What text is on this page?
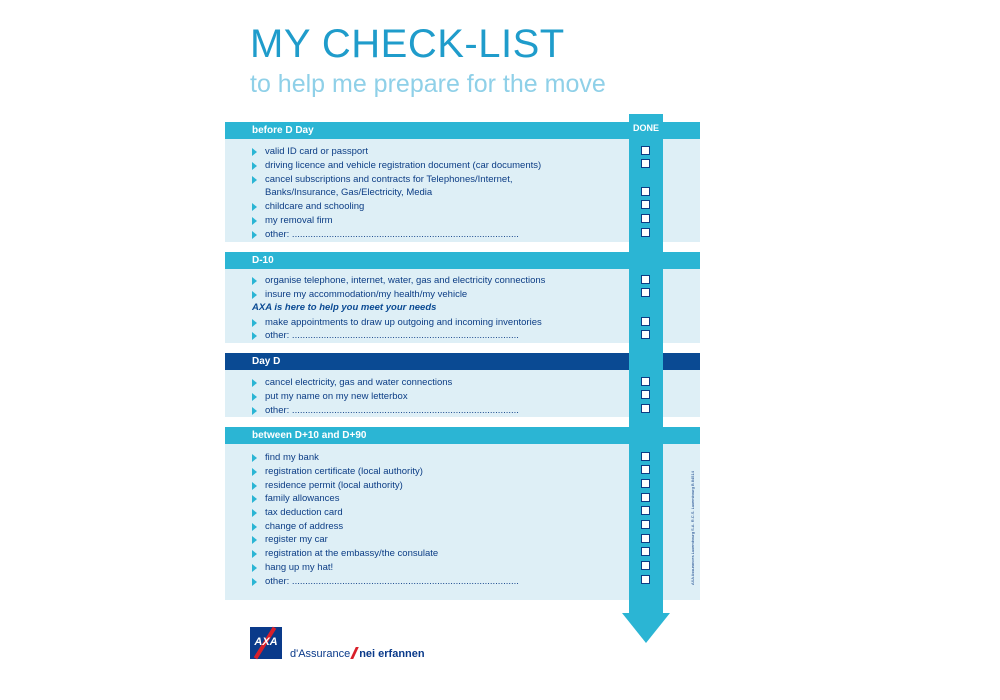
MY CHECK-LIST
to help me prepare for the move
before D Day
D-10
Day D
between D+10 and D+90
DONE
valid ID card or passport
driving licence and vehicle registration document (car documents)
cancel subscriptions and contracts for Telephones/Internet,
Banks/Insurance, Gas/Electricity, Media
childcare and schooling
my removal firm
other: ......................................................................................
organise telephone, internet, water, gas and electricity connections
insure my accommodation/my health/my vehicle
AXA is here to help you meet your needs
make appointments to draw up outgoing and incoming inventories
other: ......................................................................................
cancel electricity, gas and water connections
put my name on my new letterbox
other: ......................................................................................
find my bank
registration certificate (local authority)
residence permit (local authority)
family allowances
tax deduction card
change of address
register my car
registration at the embassy/the consulate
hang up my hat!
other: ......................................................................................	AXA Assurances Luxembourg S.A. R.C.S. Luxembourg B 84514
AXA
d'Assurance nei erfannen
